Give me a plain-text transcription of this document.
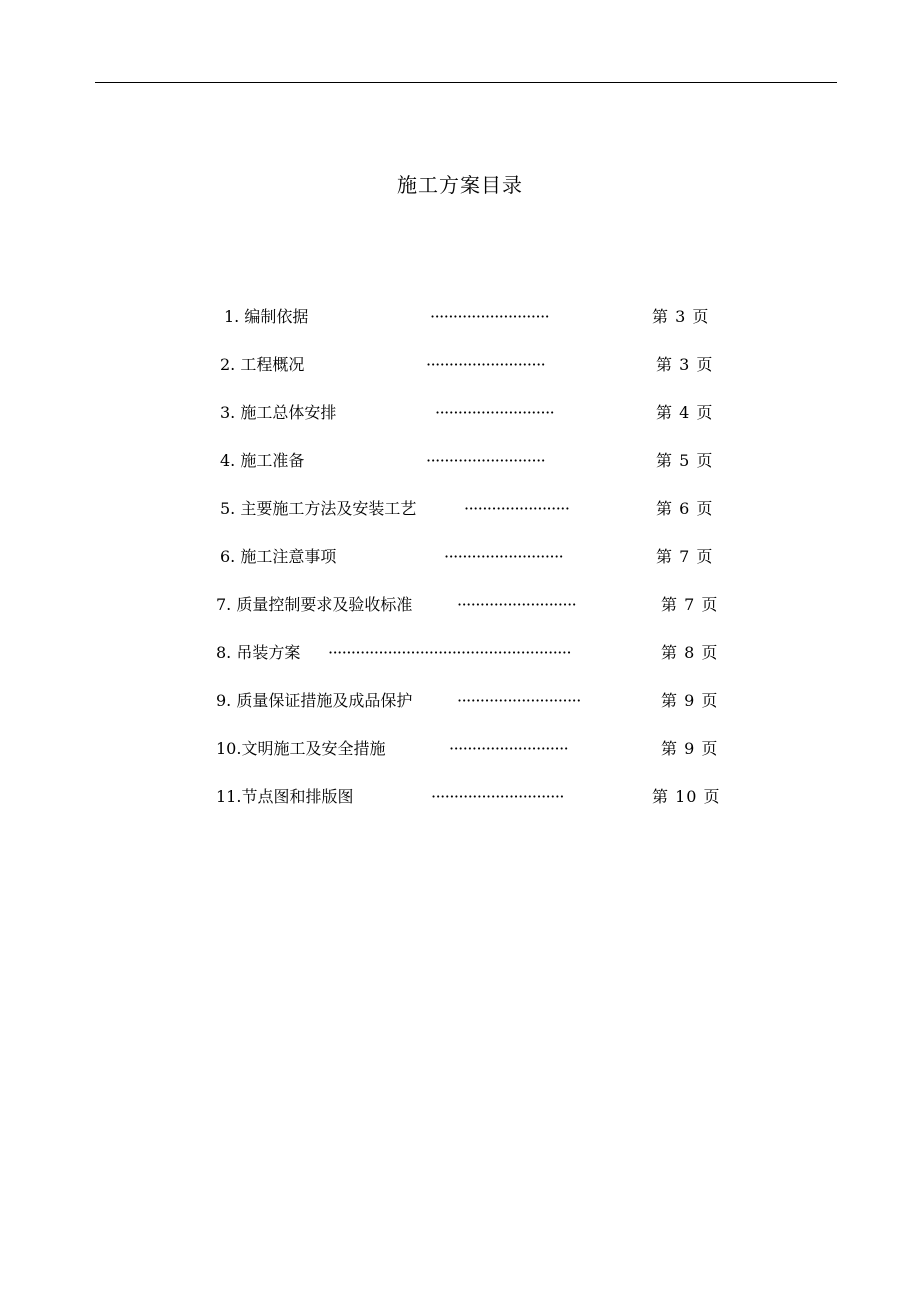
施工方案目录
1. 编制依据	··························	第 3 页
2. 工程概况	··························	第 3 页
3. 施工总体安排	··························	第 4 页
4. 施工准备	··························	第 5 页
5. 主要施工方法及安装工艺	·······················	第 6 页
6. 施工注意事项	··························	第 7 页
7. 质量控制要求及验收标准	··························	第 7 页
8. 吊装方案 ·····················································	第 8 页
9. 质量保证措施及成品保护	···························	第 9 页
10.文明施工及安全措施	··························	第 9 页
11.节点图和排版图	·····························	第 10 页
